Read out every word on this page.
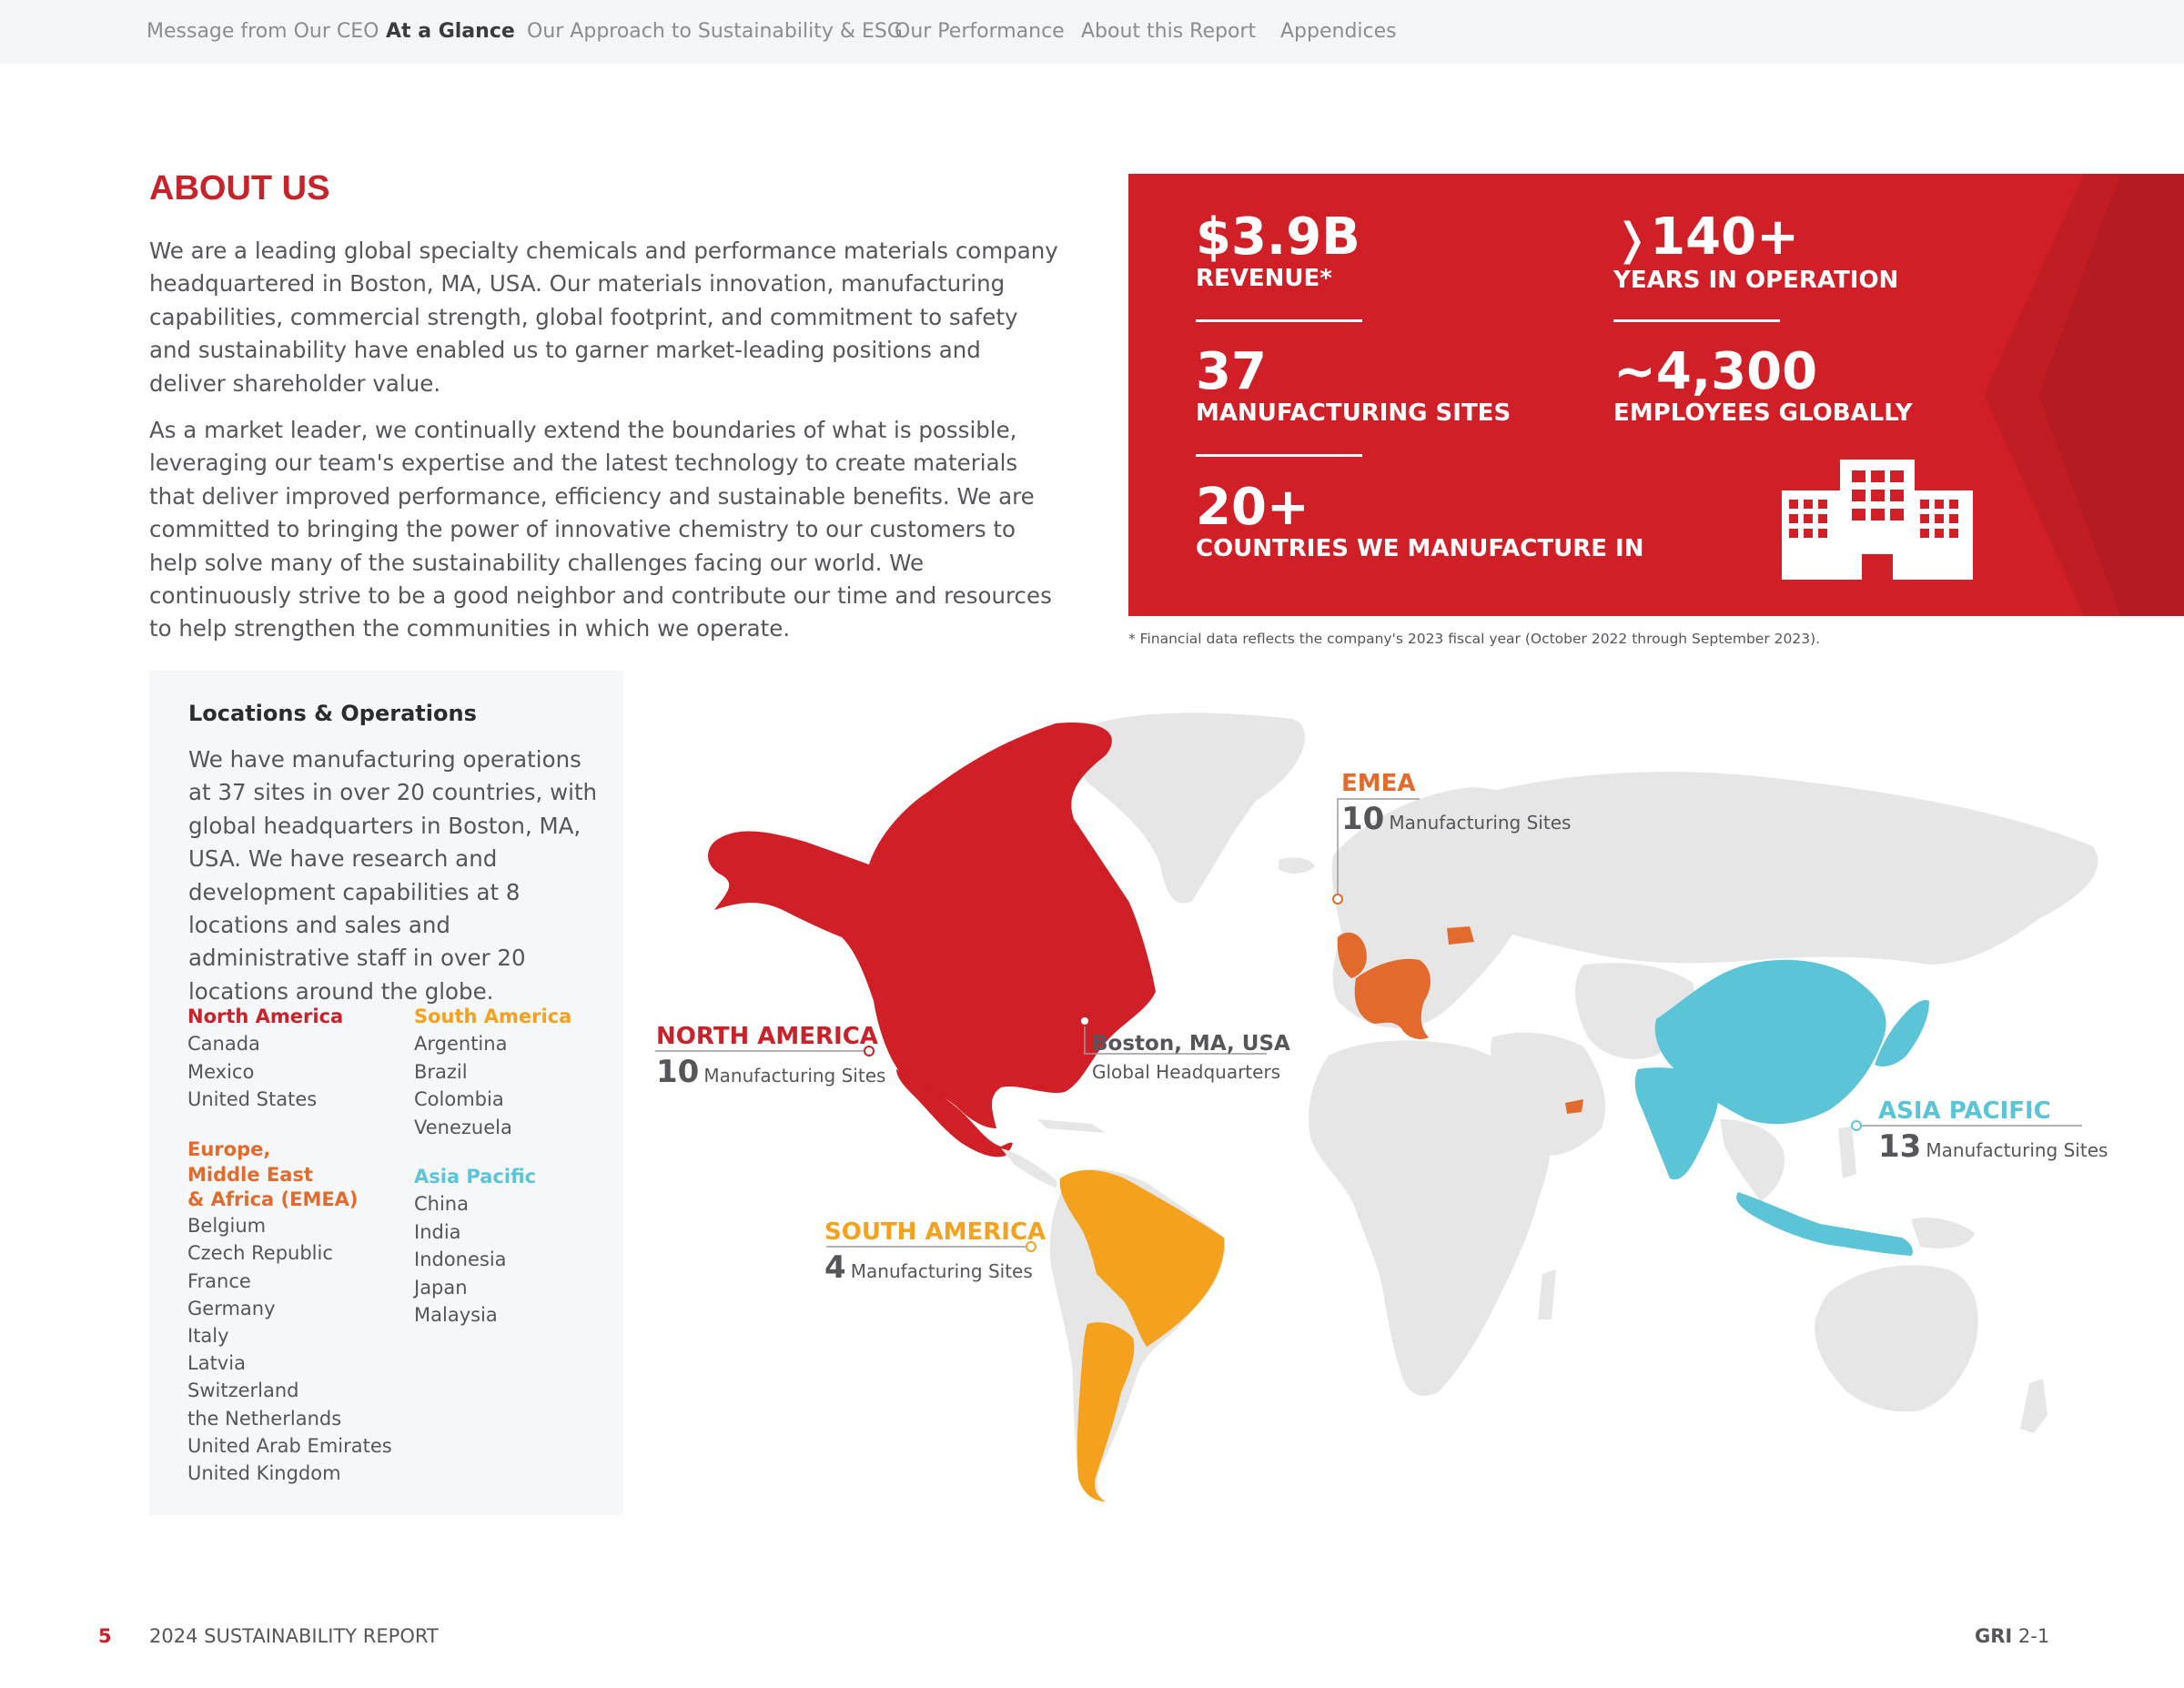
Message from Our CEO At a Glance Our Approach to Sustainability & ESG
Our Performance About this Report Appendices
ABOUT US

We are a leading global specialty chemicals and performance materials company headquartered in Boston, MA, USA. Our materials innovation, manufacturing capabilities, commercial strength, global footprint, and commitment to safety and sustainability have enabled us to garner market-leading positions and deliver shareholder value.

As a market leader, we continually extend the boundaries of what is possible, leveraging our team's expertise and the latest technology to create materials that deliver improved performance, efficiency and sustainable benefits. We are committed to bringing the power of innovative chemistry to our customers to help solve many of the sustainability challenges facing our world. We continuously strive to be a good neighbor and contribute our time and resources to help strengthen the communities in which we operate.

$3.9B
REVENUE*
❭140+
YEARS IN OPERATION
37
MANUFACTURING SITES
~4,300
EMPLOYEES GLOBALLY
20+
COUNTRIES WE MANUFACTURE IN
* Financial data reflects the company's 2023 fiscal year (October 2022 through September 2023).
Locations & Operations

We have manufacturing operations at 37 sites in over 20 countries, with global headquarters in Boston, MA, USA. We have research and development capabilities at 8 locations and sales and administrative staff in over 20 locations around the globe.

North America
Canada
Mexico
United States
Europe,
Middle East
& Africa (EMEA)
Belgium
Czech Republic
France
Germany
Italy
Latvia
Switzerland
the Netherlands
United Arab Emirates
United Kingdom
South America
Argentina
Brazil
Colombia
Venezuela
Asia Pacific
China
India
Indonesia
Japan
Malaysia
NORTH AMERICA
10 Manufacturing Sites
Boston, MA, USA
Global Headquarters
SOUTH AMERICA
4 Manufacturing Sites
EMEA
10 Manufacturing Sites
ASIA PACIFIC
13 Manufacturing Sites
5 2024 SUSTAINABILITY REPORT	GRI 2-1
